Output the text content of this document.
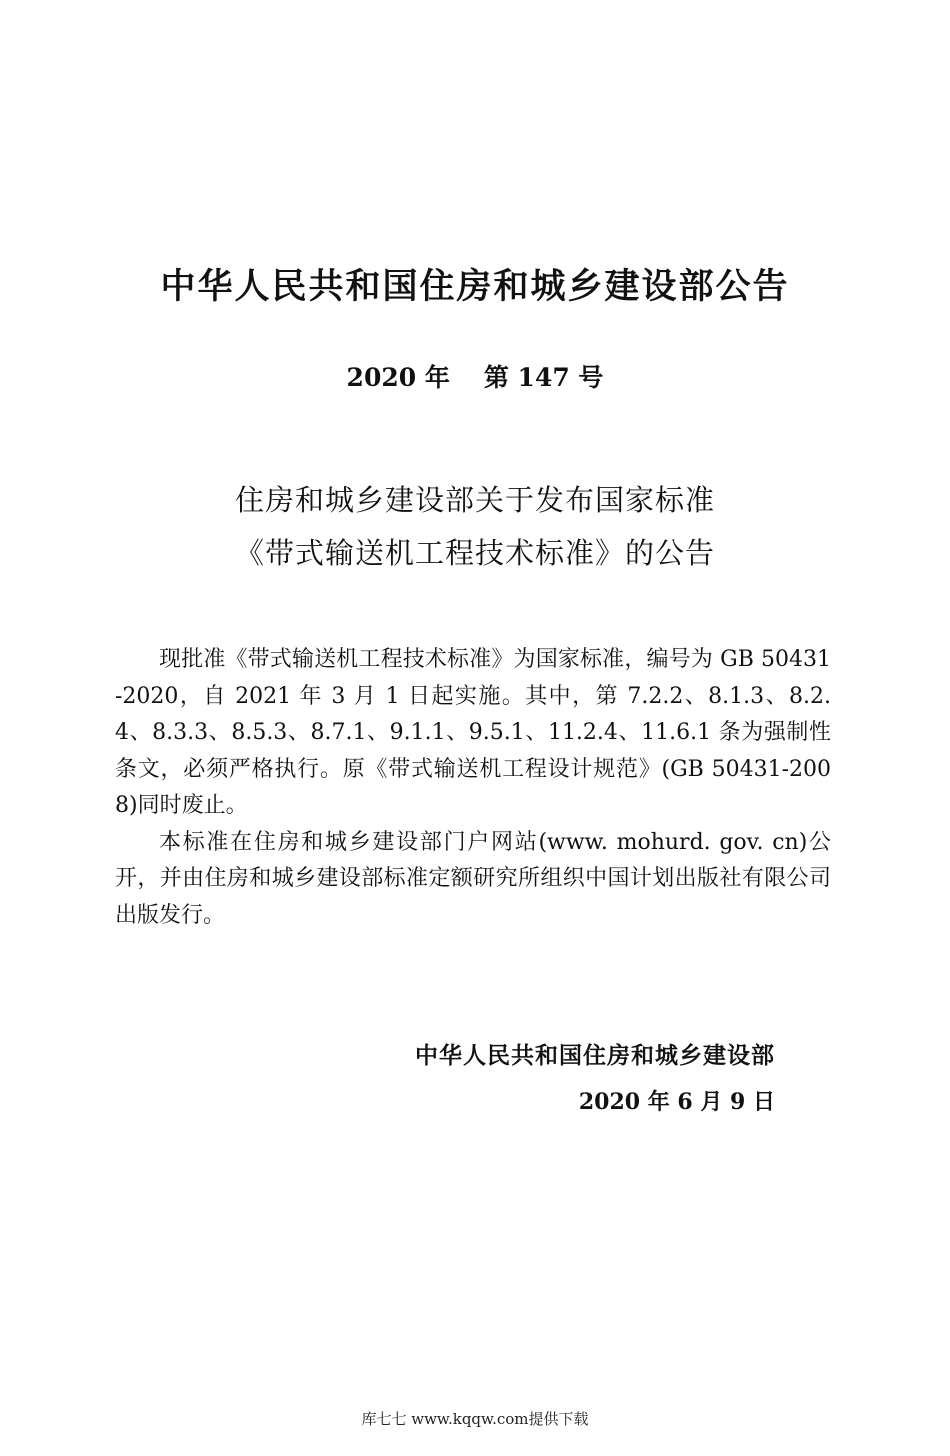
中华人民共和国住房和城乡建设部公告
2020 年 第 147 号
住房和城乡建设部关于发布国家标准
《带式输送机工程技术标准》的公告

现批准《带式输送机工程技术标准》为国家标准，编号为 GB 50431-2020，自 2021 年 3 月 1 日起实施。其中，第 7.2.2、8.1.3、8.2.4、8.3.3、8.5.3、8.7.1、9.1.1、9.5.1、11.2.4、11.6.1 条为强制性条文，必须严格执行。原《带式输送机工程设计规范》(GB 50431-2008)同时废止。

本标准在住房和城乡建设部门户网站(www. mohurd. gov. cn)公开，并由住房和城乡建设部标准定额研究所组织中国计划出版社有限公司出版发行。

中华人民共和国住房和城乡建设部
2020 年 6 月 9 日
库七七 www.kqqw.com提供下载
